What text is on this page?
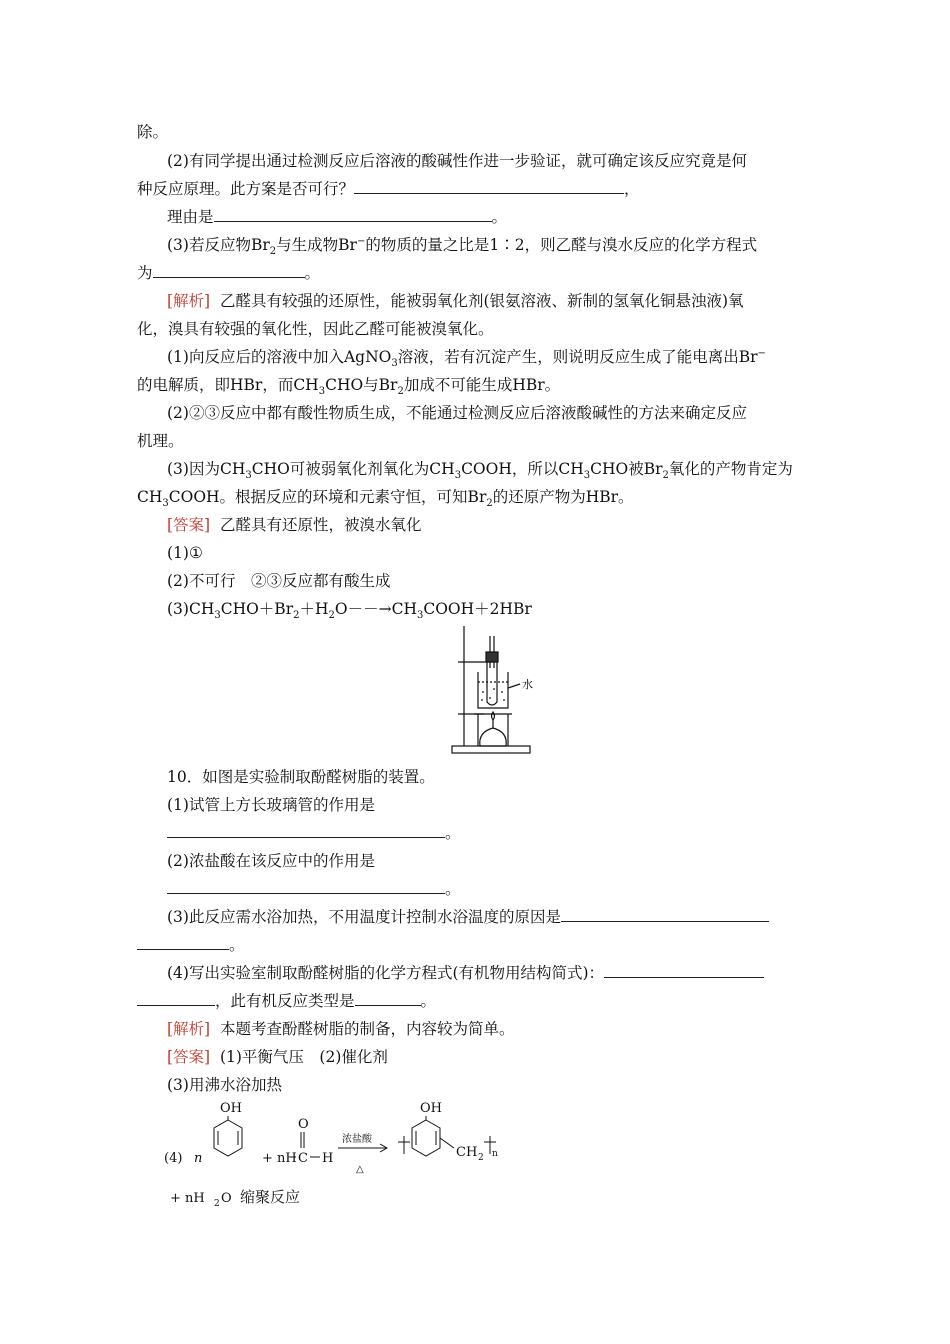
除。
(2)有同学提出通过检测反应后溶液的酸碱性作进一步验证，就可确定该反应究竟是何
种反应原理。此方案是否可行？	，
理由是	。
(3)若反应物$Br_2$与生成物Br−的物质的量之比是1∶2，则乙醛与溴水反应的化学方程式
为	。
[解析] 乙醛具有较强的还原性，能被弱氧化剂(银氨溶液、新制的氢氧化铜悬浊液)氧
化，溴具有较强的氧化性，因此乙醛可能被溴氧化。
(1)向反应后的溶液中加入AgNO$_3$溶液，若有沉淀产生，则说明反应生成了能电离出Br−
的电解质，即HBr，而$CH_3CHO$与$Br_2$加成不可能生成HBr。
(2)②③反应中都有酸性物质生成，不能通过检测反应后溶液酸碱性的方法来确定反应
机理。
(3)因为$CH_3CHO$可被弱氧化剂氧化为$CH_3COOH$，所以$CH_3CHO$被$Br_2$氧化的产物肯定为
$CH_3COOH$。根据反应的环境和元素守恒，可知$Br_2$的还原产物为HBr。
[答案] 乙醛具有还原性，被溴水氧化
(1)①
(2)不可行　②③反应都有酸生成
$(3)CH_3CHO+Br_2+H_2O--\to CH_3COOH+2HBr$
水
10．如图是实验制取酚醛树脂的装置。
(1)试管上方长玻璃管的作用是
。
(2)浓盐酸在该反应中的作用是
。
(3)此反应需水浴加热，不用温度计控制水浴温度的原因是
。
(4)写出实验室制取酚醛树脂的化学方程式(有机物用结构简式)：
，此有机反应类型是	。
[解析] 本题考查酚醛树脂的制备，内容较为简单。
[答案] (1)平衡气压　(2)催化剂
(3)用沸水浴加热
(4) n
OH
+ nH
O
C H
浓盐酸
△
OH
CH 2 n
+ nH 2 O 缩聚反应
